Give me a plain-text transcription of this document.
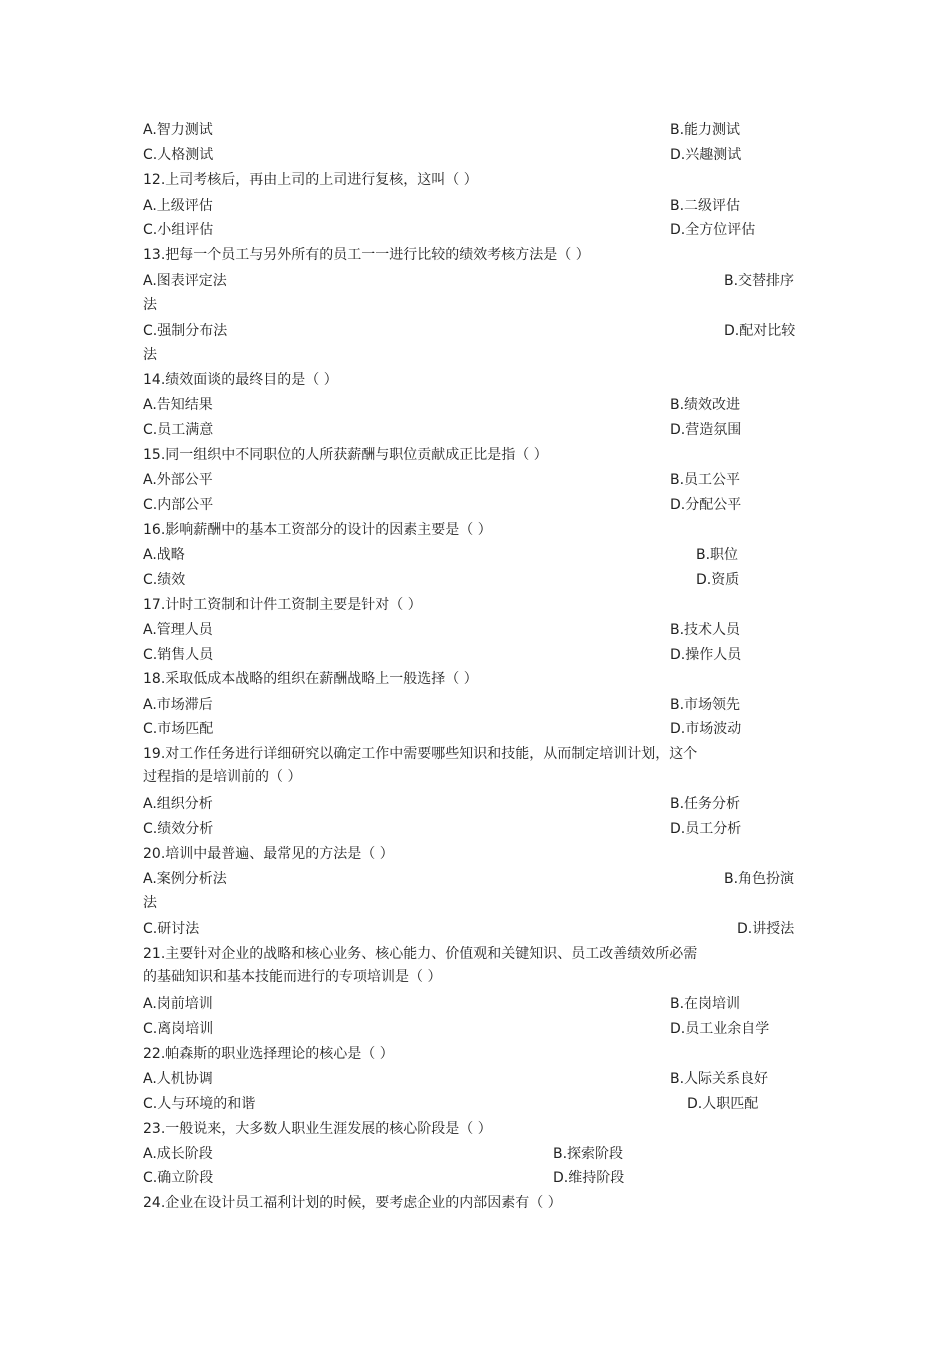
A.智力测试	B.能力测试
C.人格测试	D.兴趣测试
12.上司考核后，再由上司的上司进行复核，这叫（ ）
A.上级评估	B.二级评估
C.小组评估	D.全方位评估
13.把每一个员工与另外所有的员工一一进行比较的绩效考核方法是（ ）
A.图表评定法	B.交替排序
法
C.强制分布法	D.配对比较
法
14.绩效面谈的最终目的是（ ）
A.告知结果	B.绩效改进
C.员工满意	D.营造氛围
15.同一组织中不同职位的人所获薪酬与职位贡献成正比是指（ ）
A.外部公平	B.员工公平
C.内部公平	D.分配公平
16.影响薪酬中的基本工资部分的设计的因素主要是（ ）
A.战略	B.职位
C.绩效	D.资质
17.计时工资制和计件工资制主要是针对（ ）
A.管理人员	B.技术人员
C.销售人员	D.操作人员
18.采取低成本战略的组织在薪酬战略上一般选择（ ）
A.市场滞后	B.市场领先
C.市场匹配	D.市场波动
19.对工作任务进行详细研究以确定工作中需要哪些知识和技能，从而制定培训计划，这个
过程指的是培训前的（ ）
A.组织分析	B.任务分析
C.绩效分析	D.员工分析
20.培训中最普遍、最常见的方法是（ ）
A.案例分析法	B.角色扮演
法
C.研讨法	D.讲授法
21.主要针对企业的战略和核心业务、核心能力、价值观和关键知识、员工改善绩效所必需
的基础知识和基本技能而进行的专项培训是（ ）
A.岗前培训	B.在岗培训
C.离岗培训	D.员工业余自学
22.帕森斯的职业选择理论的核心是（ ）
A.人机协调	B.人际关系良好
C.人与环境的和谐	D.人职匹配
23.一般说来，大多数人职业生涯发展的核心阶段是（ ）
A.成长阶段	B.探索阶段
C.确立阶段	D.维持阶段
24.企业在设计员工福利计划的时候，要考虑企业的内部因素有（ ）
